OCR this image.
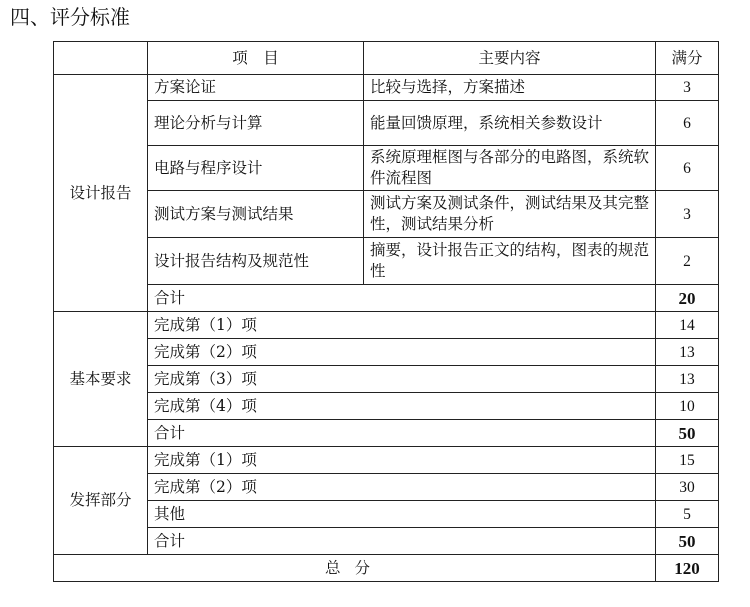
四、评分标准
	项　目	主要内容	满分
设计报告	方案论证	比较与选择，方案描述	3
	理论分析与计算	能量回馈原理，系统相关参数设计	6
	电路与程序设计	系统原理框图与各部分的电路图，系统软件流程图	6
	测试方案与测试结果	测试方案及测试条件，测试结果及其完整性，测试结果分析	3
	设计报告结构及规范性	摘要，设计报告正文的结构，图表的规范性	2
	合计		20
基本要求	完成第（1）项		14
	完成第（2）项		13
	完成第（3）项		13
	完成第（4）项		10
	合计		50
发挥部分	完成第（1）项		15
	完成第（2）项		30
	其他		5
	合计		50
总分			120
